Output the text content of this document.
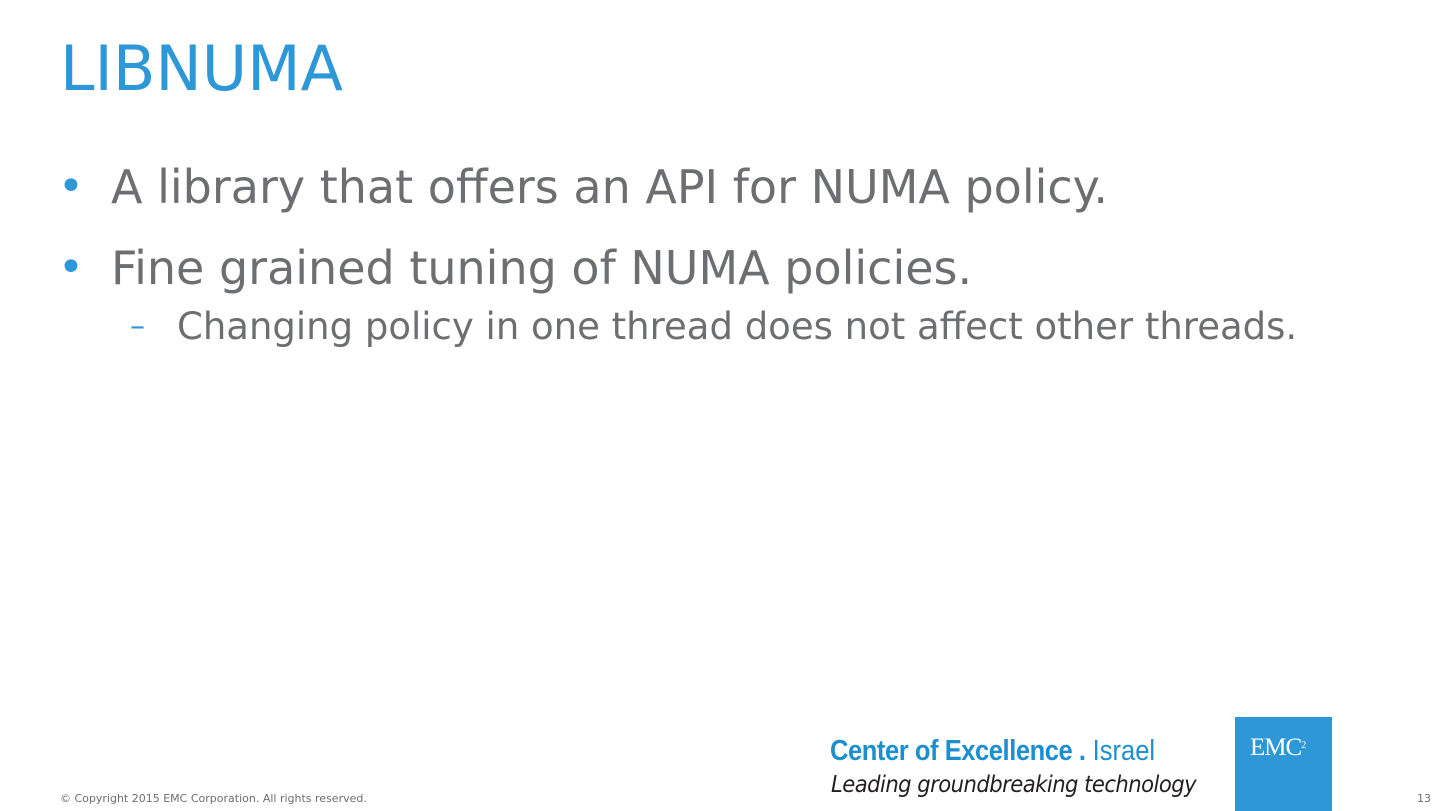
LIBNUMA
• A library that offers an API for NUMA policy.
• Fine grained tuning of NUMA policies.
– Changing policy in one thread does not affect other threads.
© Copyright 2015 EMC Corporation. All rights reserved.
Center of Excellence . Israel
Leading groundbreaking technology
EMC$^2$
13
